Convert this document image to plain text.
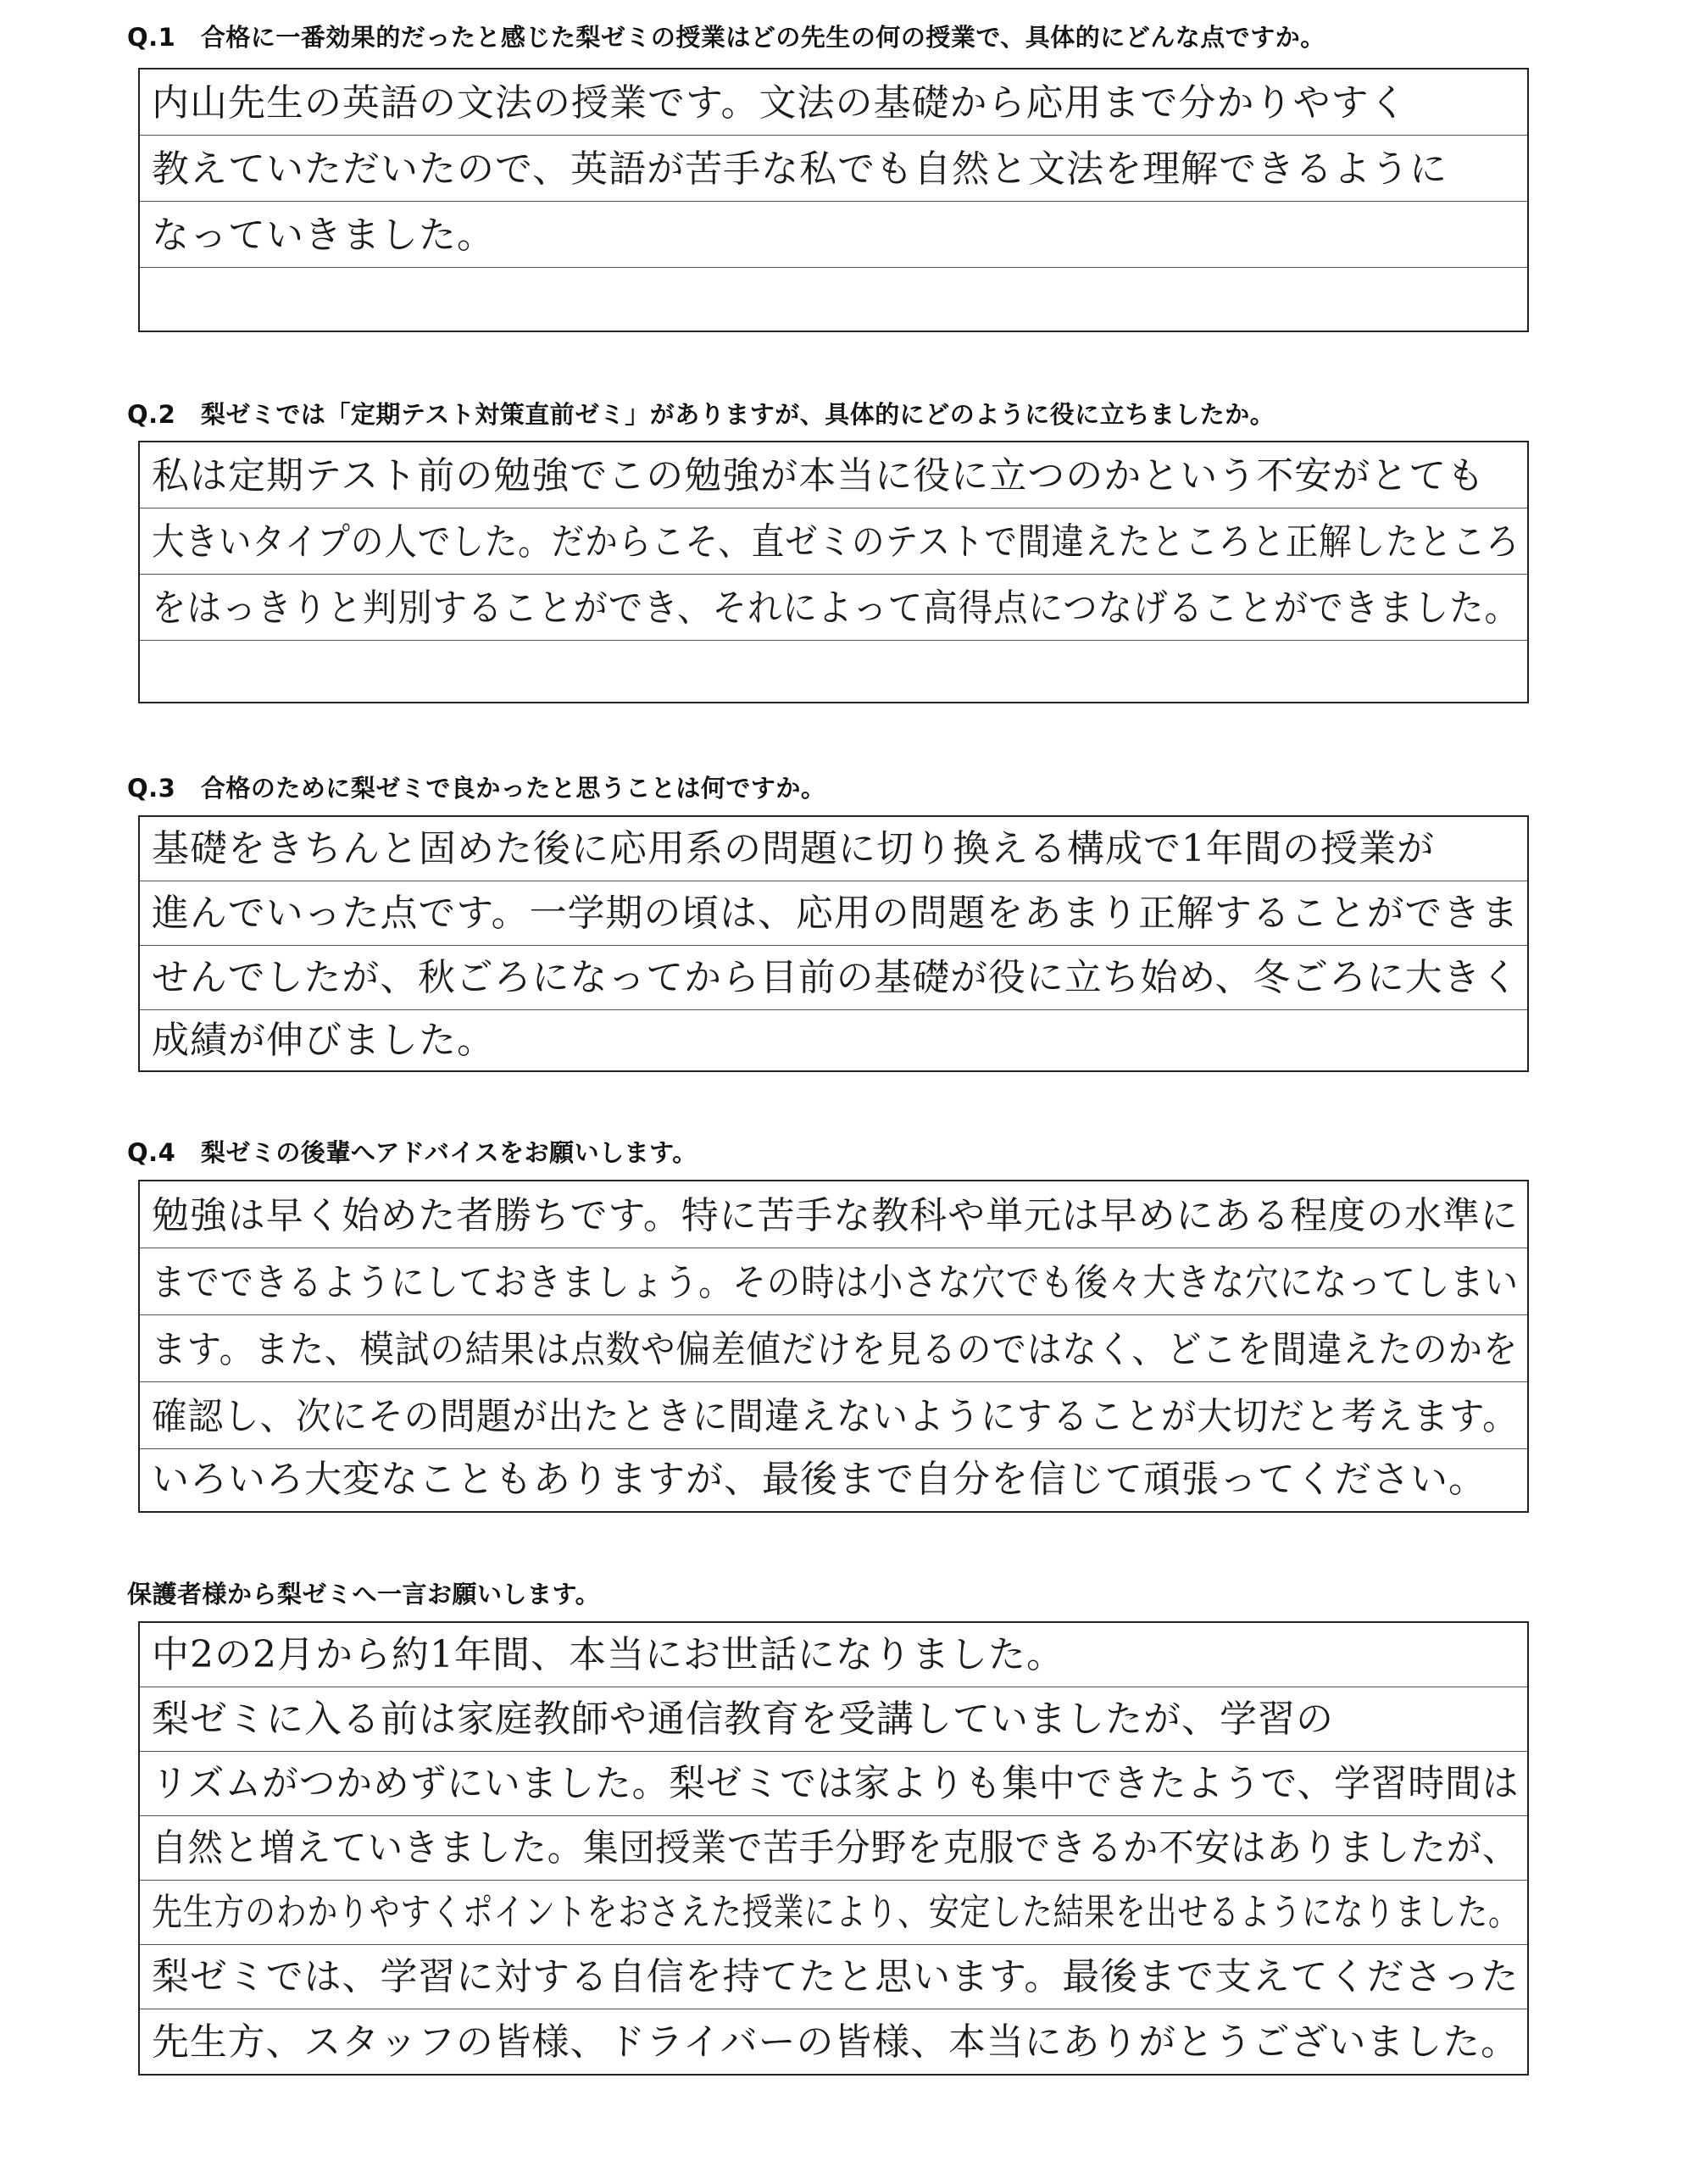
Q.1　合格に一番効果的だったと感じた梨ゼミの授業はどの先生の何の授業で、具体的にどんな点ですか。
内山先生の英語の文法の授業です。文法の基礎から応用まで分かりやすく
教えていただいたので、英語が苦手な私でも自然と文法を理解できるように
なっていきました。
Q.2　梨ゼミでは「定期テスト対策直前ゼミ」がありますが、具体的にどのように役に立ちましたか。
私は定期テスト前の勉強でこの勉強が本当に役に立つのかという不安がとても
大きいタイプの人でした。だからこそ、直ゼミのテストで間違えたところと正解したところ
をはっきりと判別することができ、それによって高得点につなげることができました。
Q.3　合格のために梨ゼミで良かったと思うことは何ですか。
基礎をきちんと固めた後に応用系の問題に切り換える構成で1年間の授業が
進んでいった点です。一学期の頃は、応用の問題をあまり正解することができま
せんでしたが、秋ごろになってから目前の基礎が役に立ち始め、冬ごろに大きく
成績が伸びました。
Q.4　梨ゼミの後輩へアドバイスをお願いします。
勉強は早く始めた者勝ちです。特に苦手な教科や単元は早めにある程度の水準に
までできるようにしておきましょう。その時は小さな穴でも後々大きな穴になってしまい
ます。また、模試の結果は点数や偏差値だけを見るのではなく、どこを間違えたのかを
確認し、次にその問題が出たときに間違えないようにすることが大切だと考えます。
いろいろ大変なこともありますが、最後まで自分を信じて頑張ってください。
保護者様から梨ゼミへ一言お願いします。
中2の2月から約1年間、本当にお世話になりました。
梨ゼミに入る前は家庭教師や通信教育を受講していましたが、学習の
リズムがつかめずにいました。梨ゼミでは家よりも集中できたようで、学習時間は
自然と増えていきました。集団授業で苦手分野を克服できるか不安はありましたが、
先生方のわかりやすくポイントをおさえた授業により、安定した結果を出せるようになりました。
梨ゼミでは、学習に対する自信を持てたと思います。最後まで支えてくださった
先生方、スタッフの皆様、ドライバーの皆様、本当にありがとうございました。
